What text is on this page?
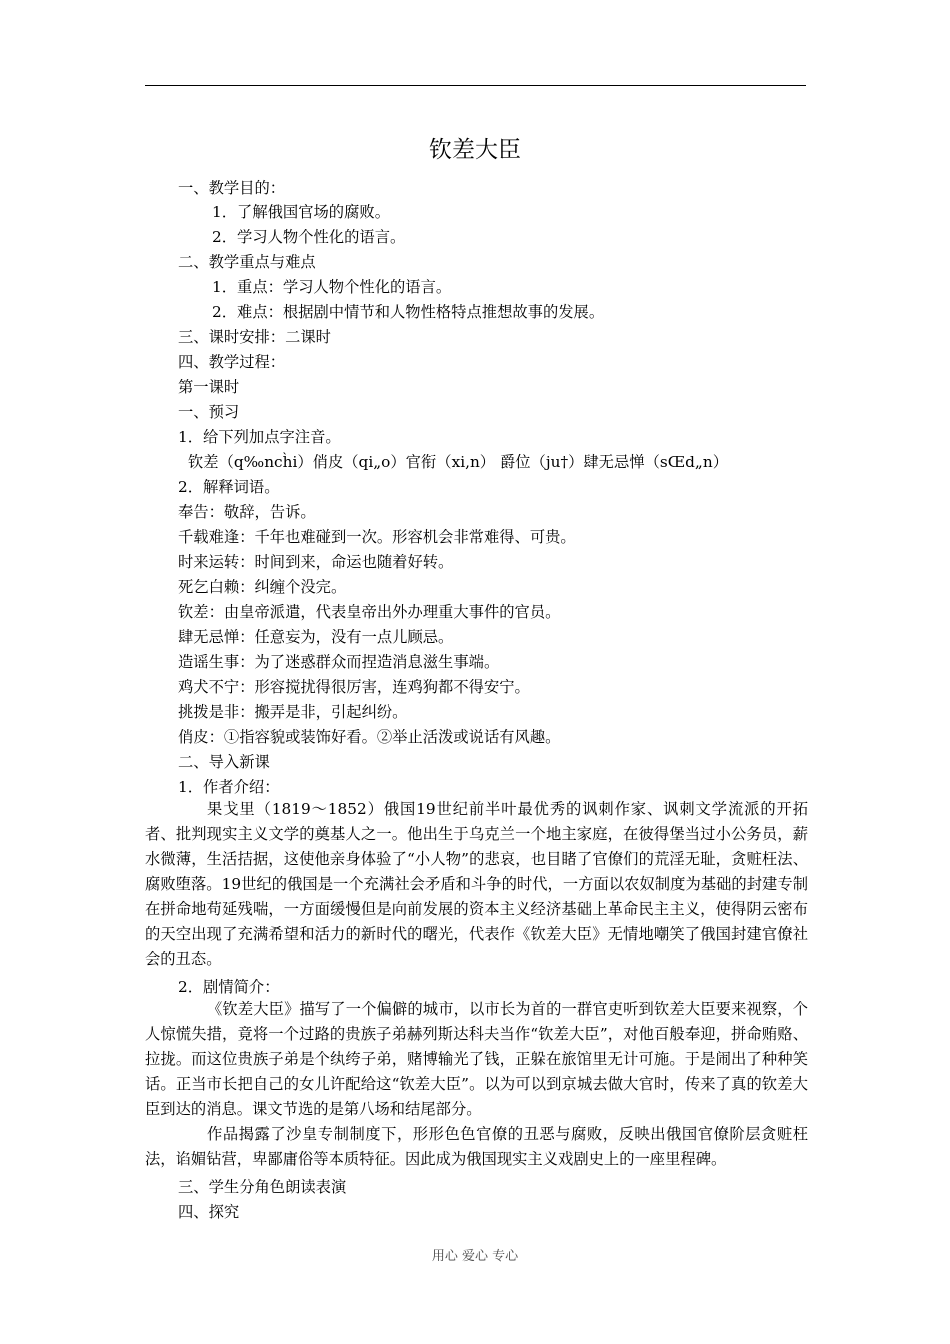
钦差大臣
一、教学目的：
1．了解俄国官场的腐败。
2．学习人物个性化的语言。
二、教学重点与难点
1．重点：学习人物个性化的语言。
2．难点：根据剧中情节和人物性格特点推想故事的发展。
三、课时安排：二课时
四、教学过程：
第一课时
一、预习
1．给下列加点字注音。
钦差（q‰nch̀i）俏皮（qi„o）官衔（xi,n） 爵位（ju†）肆无忌惮（sŒd„n）
2．解释词语。
奉告：敬辞，告诉。
千载难逢：千年也难碰到一次。形容机会非常难得、可贵。
时来运转：时间到来，命运也随着好转。
死乞白赖：纠缠个没完。
钦差：由皇帝派遣，代表皇帝出外办理重大事件的官员。
肆无忌惮：任意妄为，没有一点儿顾忌。
造谣生事：为了迷惑群众而捏造消息滋生事端。
鸡犬不宁：形容搅扰得很厉害，连鸡狗都不得安宁。
挑拨是非：搬弄是非，引起纠纷。
俏皮：①指容貌或装饰好看。②举止活泼或说话有风趣。
二、导入新课
1．作者介绍：

果戈里（1819～1852）俄国19世纪前半叶最优秀的讽刺作家、讽刺文学流派的开拓者、批判现实主义文学的奠基人之一。他出生于乌克兰一个地主家庭，在彼得堡当过小公务员，薪水微薄，生活拮据，这使他亲身体验了“小人物”的悲哀，也目睹了官僚们的荒淫无耻，贪赃枉法、腐败堕落。19世纪的俄国是一个充满社会矛盾和斗争的时代，一方面以农奴制度为基础的封建专制在拼命地苟延残喘，一方面缓慢但是向前发展的资本主义经济基础上革命民主主义，使得阴云密布的天空出现了充满希望和活力的新时代的曙光，代表作《钦差大臣》无情地嘲笑了俄国封建官僚社会的丑态。

2．剧情简介：

《钦差大臣》描写了一个偏僻的城市，以市长为首的一群官吏听到钦差大臣要来视察，个人惊慌失措，竟将一个过路的贵族子弟赫列斯达科夫当作“钦差大臣”，对他百般奉迎，拼命贿赂、拉拢。而这位贵族子弟是个纨绔子弟，赌博输光了钱，正躲在旅馆里无计可施。于是闹出了种种笑话。正当市长把自己的女儿许配给这“钦差大臣”。以为可以到京城去做大官时，传来了真的钦差大臣到达的消息。课文节选的是第八场和结尾部分。

作品揭露了沙皇专制制度下，形形色色官僚的丑恶与腐败，反映出俄国官僚阶层贪赃枉法，谄媚钻营，卑鄙庸俗等本质特征。因此成为俄国现实主义戏剧史上的一座里程碑。

三、学生分角色朗读表演
四、探究
用心 爱心 专心
